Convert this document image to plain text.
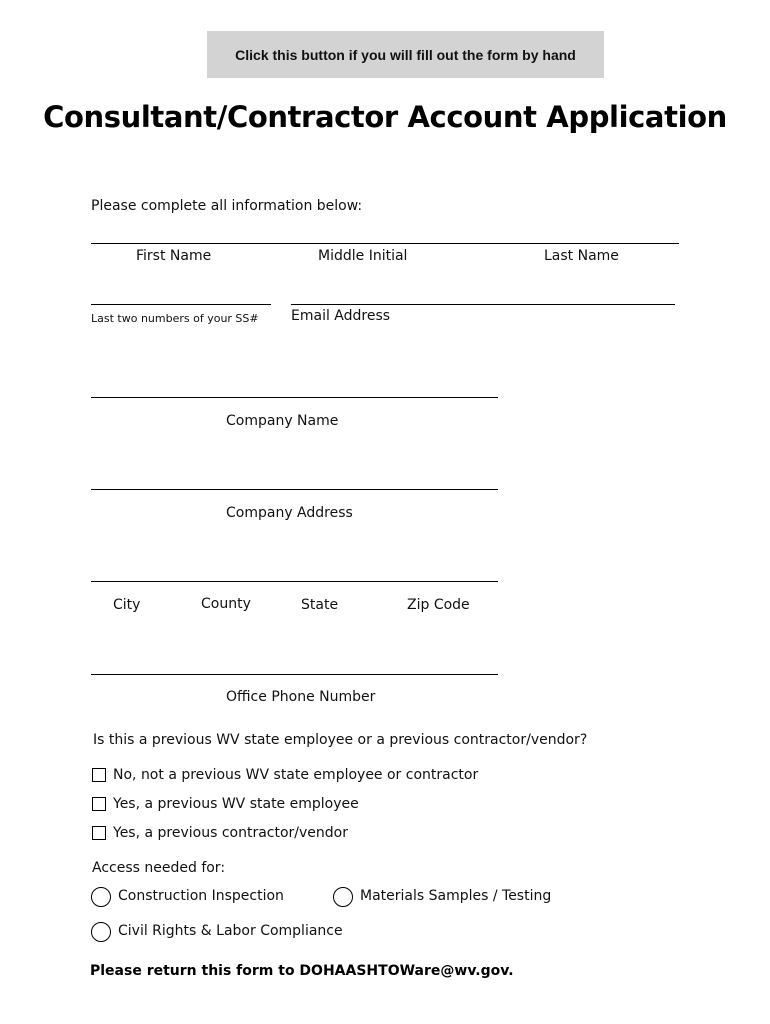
Click this button if you will fill out the form by hand
Consultant/Contractor Account Application
Please complete all information below:
First Name	Middle Initial	Last Name
Last two numbers of your SS# Email Address
Company Name
Company Address
City	County	State	Zip Code
Office Phone Number
Is this a previous WV state employee or a previous contractor/vendor?
No, not a previous WV state employee or contractor
Yes, a previous WV state employee
Yes, a previous contractor/vendor
Access needed for:
Construction Inspection	Materials Samples / Testing
Civil Rights & Labor Compliance
Please return this form to DOHAASHTOWare@wv.gov.
